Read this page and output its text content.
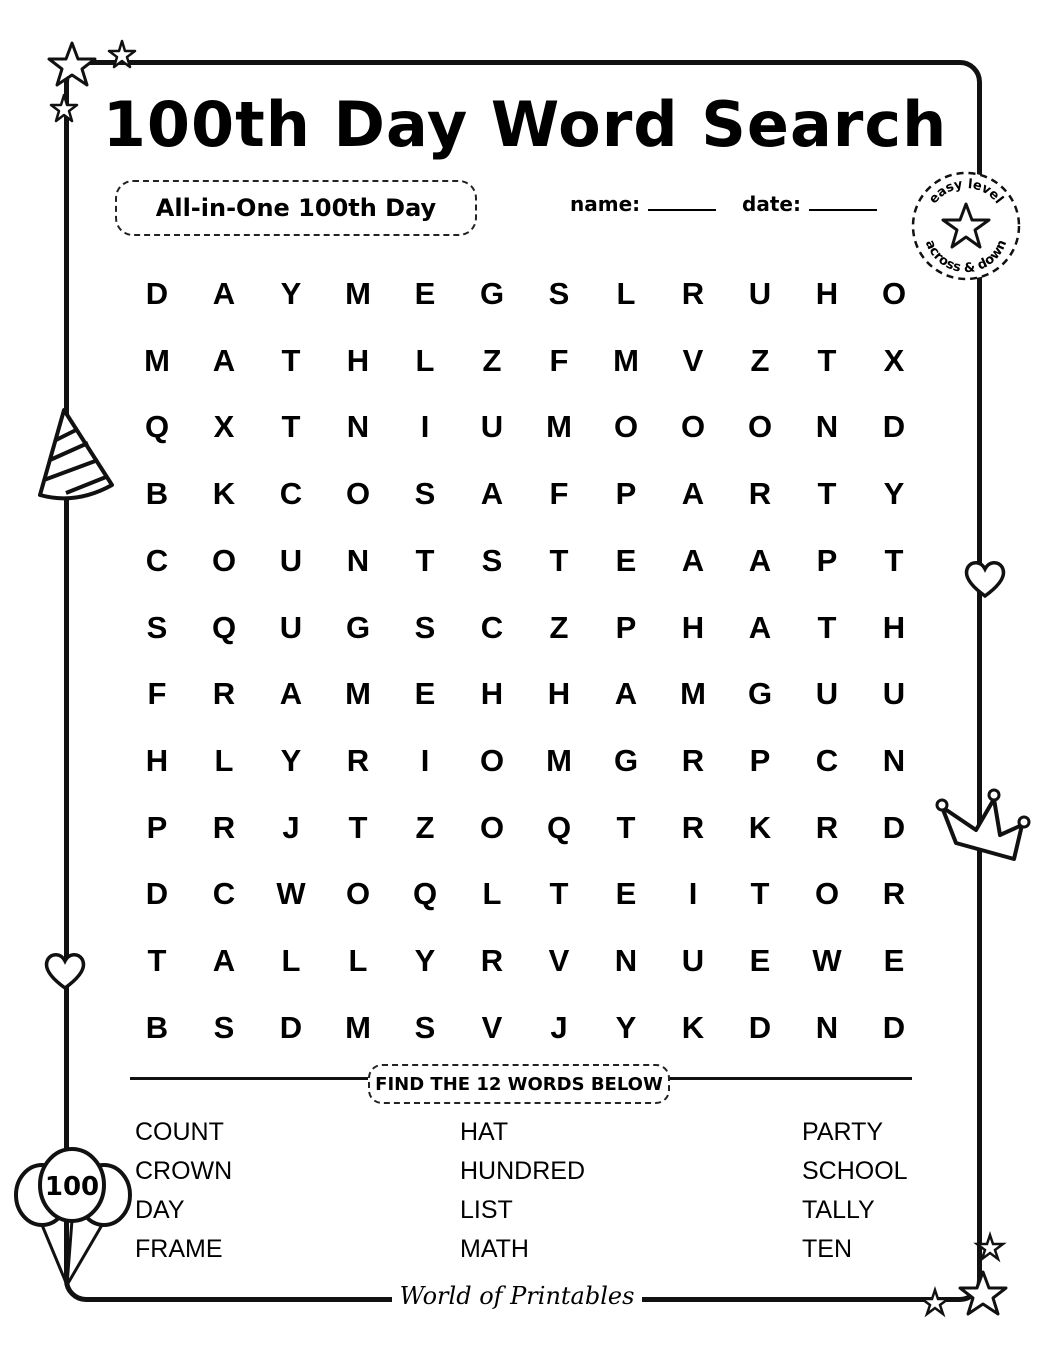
100th Day Word Search
All-in-One 100th Day	name:	date:	easy level
across & down
D	A	Y	M	E	G	S	L	R	U	H	O
M	A	T	H	L	Z	F	M	V	Z	T	X
Q	X	T	N	I	U	M	O	O	O	N	D
B	K	C	O	S	A	F	P	A	R	T	Y
C	O	U	N	T	S	T	E	A	A	P	T
S	Q	U	G	S	C	Z	P	H	A	T	H
F	R	A	M	E	H	H	A	M	G	U	U
H	L	Y	R	I	O	M	G	R	P	C	N
P	R	J	T	Z	O	Q	T	R	K	R	D
D	C	W	O	Q	L	T	E	I	T	O	R
T	A	L	L	Y	R	V	N	U	E	W	E
B	S	D	M	S	V	J	Y	K	D	N	D
FIND THE 12 WORDS BELOW
COUNT
CROWN
DAY
FRAME
HAT
HUNDRED
LIST
MATH
PARTY
SCHOOL
TALLY
TEN
World of Printables
100
